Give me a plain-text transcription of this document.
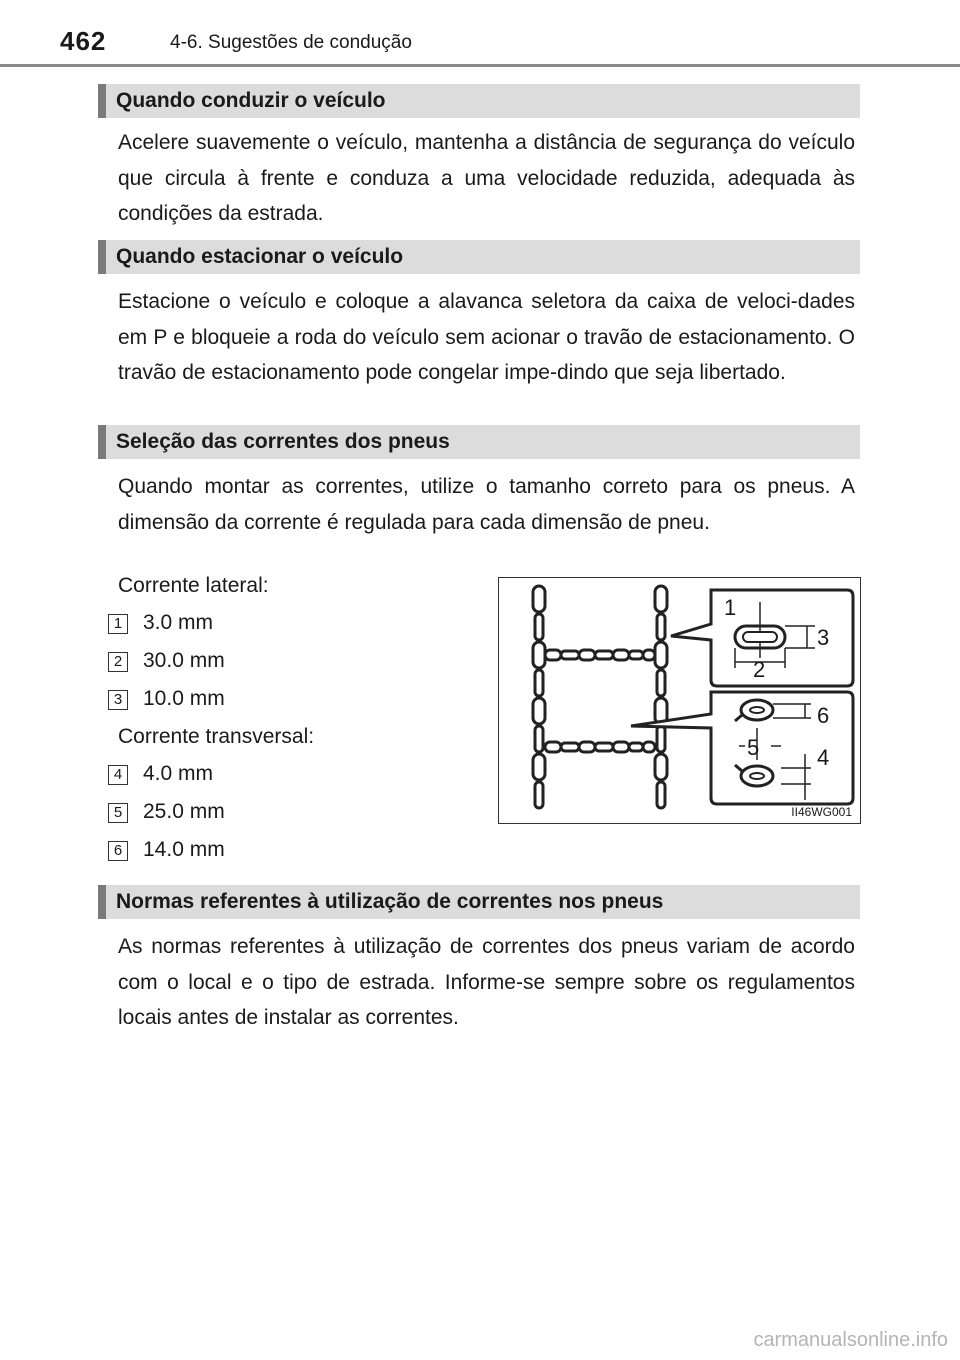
462	4-6. Sugestões de condução
Quando conduzir o veículo

Acelere suavemente o veículo, mantenha a distância de segurança do veículo que circula à frente e conduza a uma velocidade reduzida, adequada às condições da estrada.

Quando estacionar o veículo

Estacione o veículo e coloque a alavanca seletora da caixa de veloci-dades em P e bloqueie a roda do veículo sem acionar o travão de estacionamento. O travão de estacionamento pode congelar impe-dindo que seja libertado.

Seleção das correntes dos pneus

Quando montar as correntes, utilize o tamanho correto para os pneus. A dimensão da corrente é regulada para cada dimensão de pneu.

Corrente lateral:
1 3.0 mm
2 30.0 mm
3 10.0 mm
Corrente transversal:
4 4.0 mm
5 25.0 mm
6 14.0 mm
1
2
3
4
5
6
II46WG001
Normas referentes à utilização de correntes nos pneus

As normas referentes à utilização de correntes dos pneus variam de acordo com o local e o tipo de estrada. Informe-se sempre sobre os regulamentos locais antes de instalar as correntes.

carmanualsonline.info
